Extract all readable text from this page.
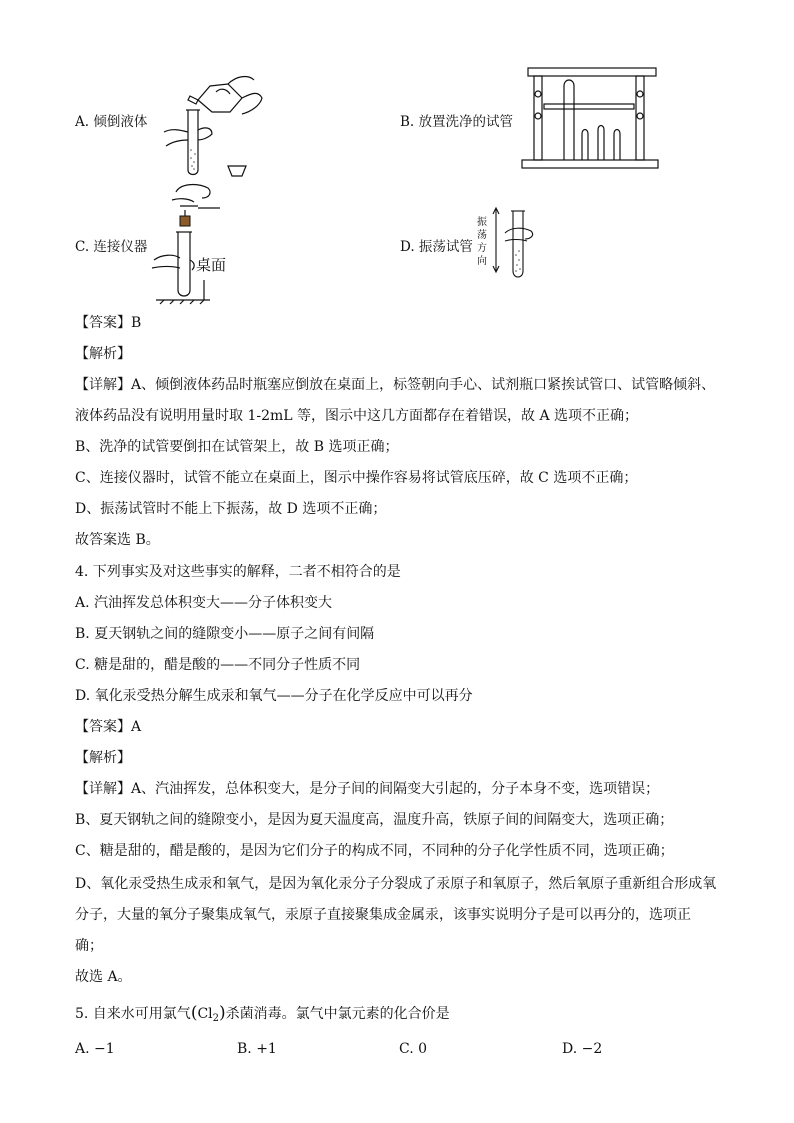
A. 倾倒液体	B. 放置洗净的试管
C. 连接仪器	D. 振荡试管
桌面
振
荡
方
向
【答案】B
【解析】
【详解】A、倾倒液体药品时瓶塞应倒放在桌面上，标签朝向手心、试剂瓶口紧挨试管口、试管略倾斜、
液体药品没有说明用量时取 1-2mL 等，图示中这几方面都存在着错误，故 A 选项不正确；
B、洗净的试管要倒扣在试管架上，故 B 选项正确；
C、连接仪器时，试管不能立在桌面上，图示中操作容易将试管底压碎，故 C 选项不正确；
D、振荡试管时不能上下振荡，故 D 选项不正确；
故答案选 B。
4. 下列事实及对这些事实的解释，二者不相符合的是
A. 汽油挥发总体积变大——分子体积变大
B. 夏天钢轨之间的缝隙变小——原子之间有间隔
C. 糖是甜的，醋是酸的——不同分子性质不同
D. 氧化汞受热分解生成汞和氧气——分子在化学反应中可以再分
【答案】A
【解析】
【详解】A、汽油挥发，总体积变大，是分子间的间隔变大引起的，分子本身不变，选项错误；
B、夏天钢轨之间的缝隙变小，是因为夏天温度高，温度升高，铁原子间的间隔变大，选项正确；
C、糖是甜的，醋是酸的，是因为它们分子的构成不同，不同种的分子化学性质不同，选项正确；
D、氧化汞受热生成汞和氧气，是因为氧化汞分子分裂成了汞原子和氧原子，然后氧原子重新组合形成氧
分子，大量的氧分子聚集成氧气，汞原子直接聚集成金属汞，该事实说明分子是可以再分的，选项正
确；
故选 A。
5. 自来水可用氯气$(Cl_2)$杀菌消毒。氯气中氯元素的化合价是
A. −1	B. +1	C. 0	D. −2
